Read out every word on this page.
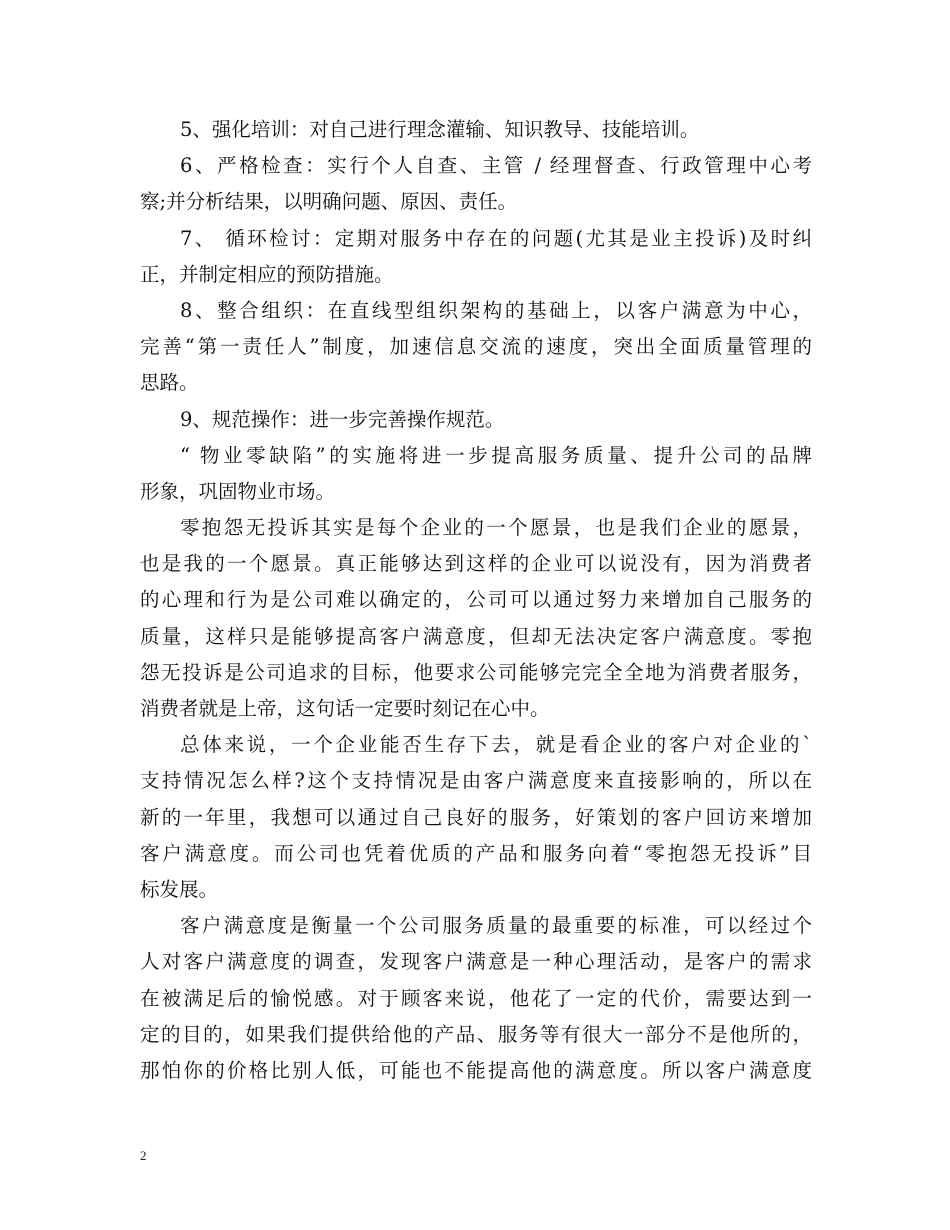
5、强化培训：对自己进行理念灌输、知识教导、技能培训。
6、严格检查：实行个人自查、主管 / 经理督查、行政管理中心考
察;并分析结果，以明确问题、原因、责任。
7、 循环检讨：定期对服务中存在的问题(尤其是业主投诉)及时纠
正，并制定相应的预防措施。
8、整合组织：在直线型组织架构的基础上，以客户满意为中心，
完善“第一责任人”制度，加速信息交流的速度，突出全面质量管理的
思路。
9、规范操作：进一步完善操作规范。
“ 物业零缺陷”的实施将进一步提高服务质量、提升公司的品牌
形象，巩固物业市场。
零抱怨无投诉其实是每个企业的一个愿景，也是我们企业的愿景，
也是我的一个愿景。真正能够达到这样的企业可以说没有，因为消费者
的心理和行为是公司难以确定的，公司可以通过努力来增加自己服务的
质量，这样只是能够提高客户满意度，但却无法决定客户满意度。零抱
怨无投诉是公司追求的目标，他要求公司能够完完全全地为消费者服务，
消费者就是上帝，这句话一定要时刻记在心中。
总体来说，一个企业能否生存下去，就是看企业的客户对企业的`
支持情况怎么样?这个支持情况是由客户满意度来直接影响的，所以在
新的一年里，我想可以通过自己良好的服务，好策划的客户回访来增加
客户满意度。而公司也凭着优质的产品和服务向着“零抱怨无投诉”目
标发展。
客户满意度是衡量一个公司服务质量的最重要的标准，可以经过个
人对客户满意度的调查，发现客户满意是一种心理活动，是客户的需求
在被满足后的愉悦感。对于顾客来说，他花了一定的代价，需要达到一
定的目的，如果我们提供给他的产品、服务等有很大一部分不是他所的，
那怕你的价格比别人低，可能也不能提高他的满意度。所以客户满意度
2
